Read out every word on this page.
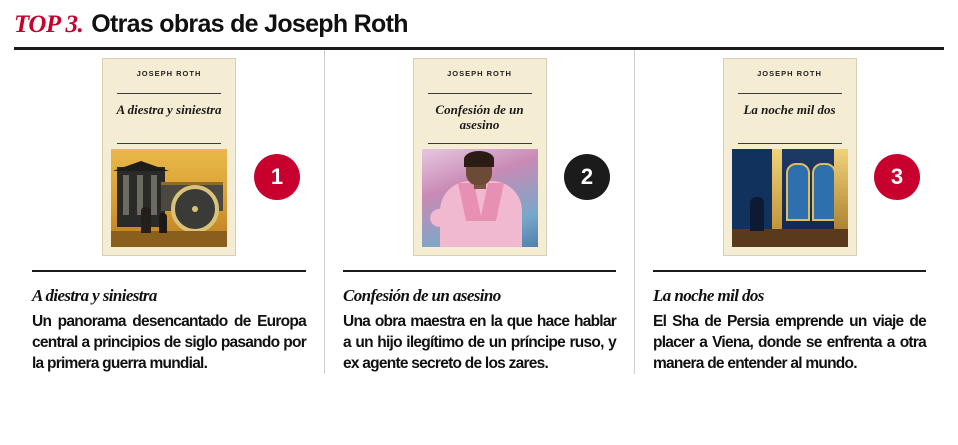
TOP 3. Otras obras de Joseph Roth
JOSEPH ROTH
A diestra y siniestra
1

A diestra y siniestra

Un panorama desencantado de Europa central a principios de siglo pasando por la primera guerra mundial.

JOSEPH ROTH
Confesión de un asesino
2

Confesión de un asesino

Una obra maestra en la que hace hablar a un hijo ilegítimo de un príncipe ruso, y ex agente secreto de los zares.

JOSEPH ROTH
La noche mil dos
3

La noche mil dos

El Sha de Persia emprende un viaje de placer a Viena, donde se enfrenta a otra manera de entender al mundo.
